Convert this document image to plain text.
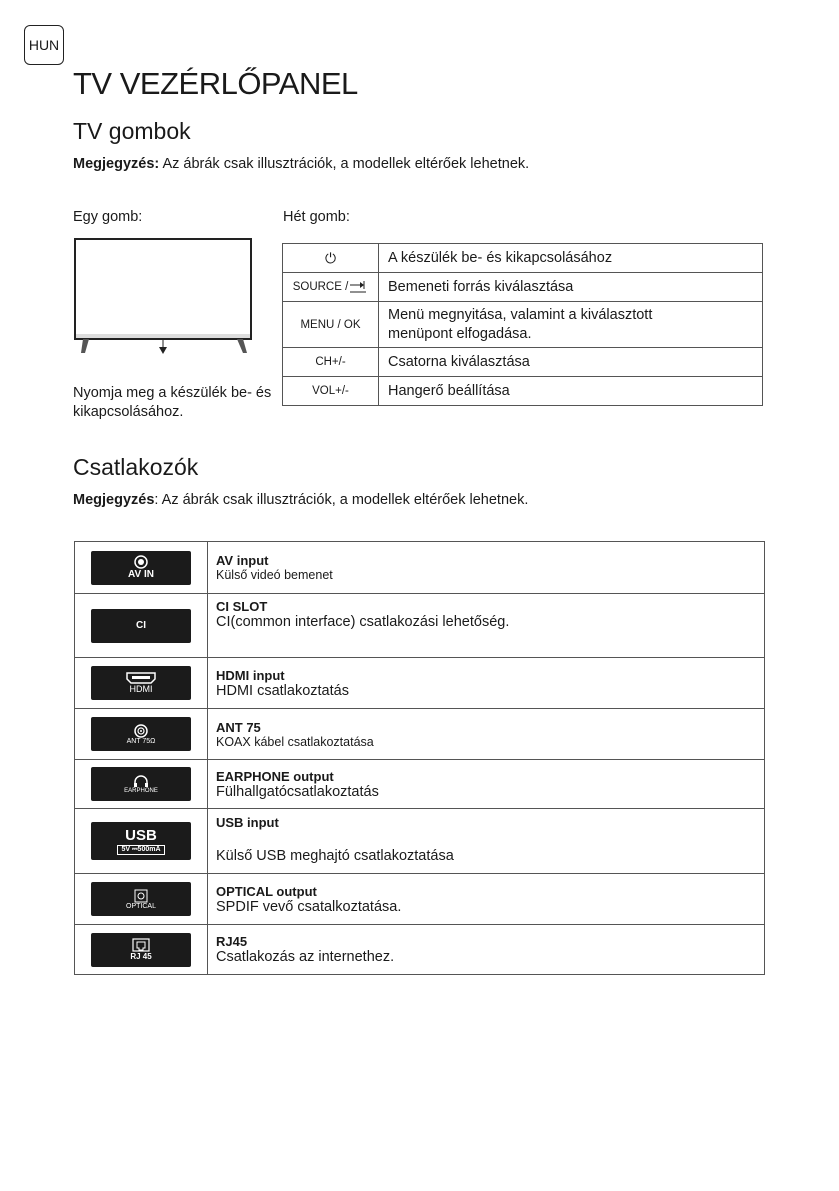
HUN
TV VEZÉRLŐPANEL
TV gombok
Megjegyzés: Az ábrák csak illusztrációk, a modellek eltérőek lehetnek.
Egy gomb:	Hét gomb:
Nyomja meg a készülék be- és kikapcsolásához.
⏻	A készülék be- és kikapcsolásához
SOURCE /	Bemeneti forrás kiválasztása
MENU / OK	Menü megnyitása, valamint a kiválasztott menüpont elfogadása.
CH+/-	Csatorna kiválasztása
VOL+/-	Hangerő beállítása
Csatlakozók
Megjegyzés: Az ábrák csak illusztrációk, a modellek eltérőek lehetnek.
AV IN	AV input
Külső videó bemenet

CI	CI SLOT
CI(common interface) csatlakozási lehetőség.

HDMI	HDMI input
HDMI csatlakoztatás

ANT 75Ω	ANT 75
KOAX kábel csatlakoztatása

EARPHONE	EARPHONE output
Fülhallgatócsatlakoztatás

USB
5V ⎓500mA	USB input
Külső USB meghajtó csatlakoztatása

OPTICAL	OPTICAL output
SPDIF vevő csatalkoztatása.

RJ 45	RJ45
Csatlakozás az internethez.
